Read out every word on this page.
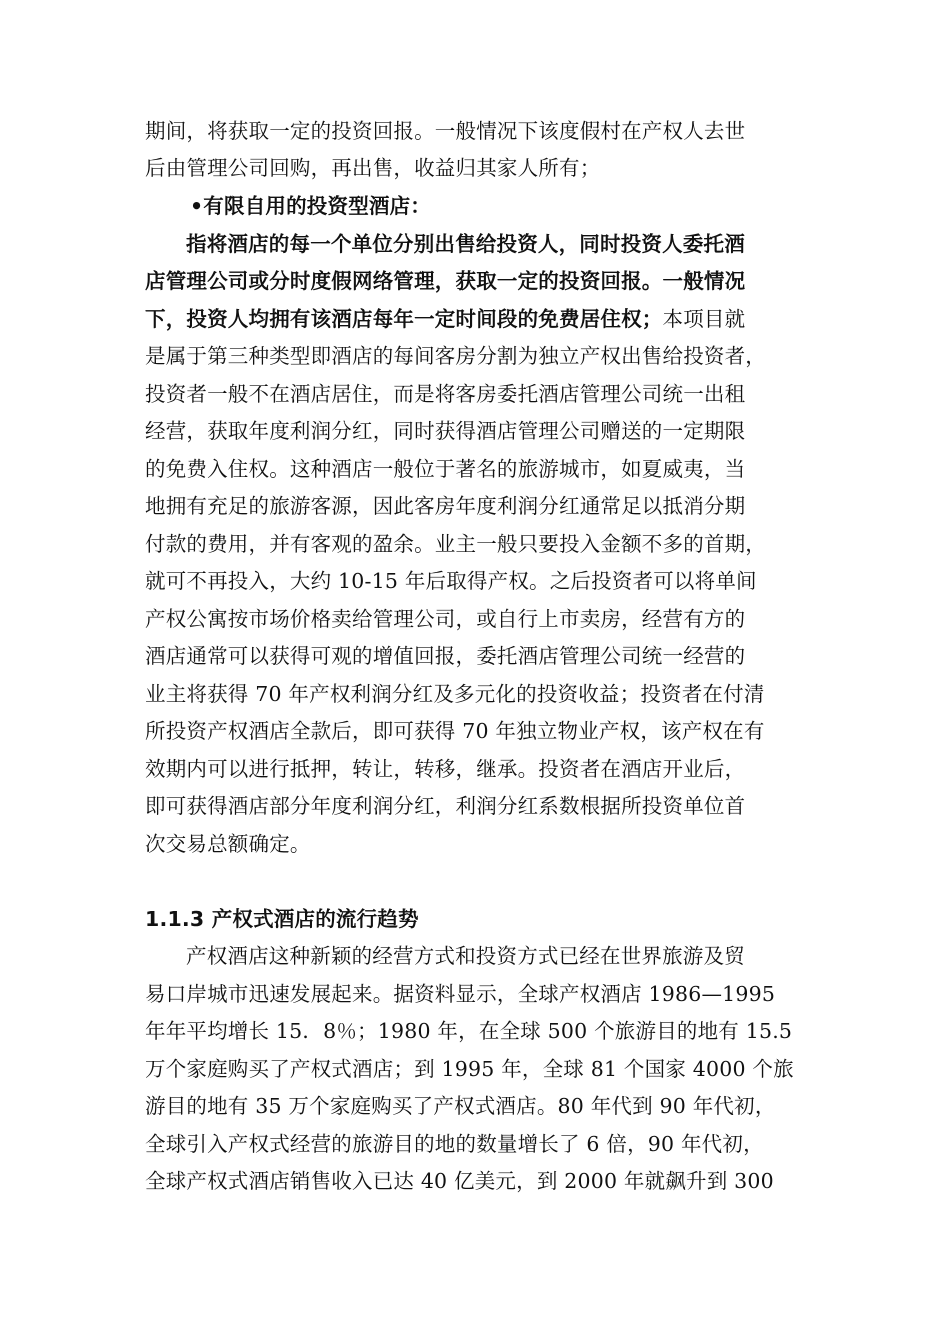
期间，将获取一定的投资回报。一般情况下该度假村在产权人去世
后由管理公司回购，再出售，收益归其家人所有；
•有限自用的投资型酒店：
指将酒店的每一个单位分别出售给投资人，同时投资人委托酒
店管理公司或分时度假网络管理，获取一定的投资回报。一般情况
下，投资人均拥有该酒店每年一定时间段的免费居住权；本项目就
是属于第三种类型即酒店的每间客房分割为独立产权出售给投资者，
投资者一般不在酒店居住，而是将客房委托酒店管理公司统一出租
经营，获取年度利润分红，同时获得酒店管理公司赠送的一定期限
的免费入住权。这种酒店一般位于著名的旅游城市，如夏威夷，当
地拥有充足的旅游客源，因此客房年度利润分红通常足以抵消分期
付款的费用，并有客观的盈余。业主一般只要投入金额不多的首期，
就可不再投入，大约 10-15 年后取得产权。之后投资者可以将单间
产权公寓按市场价格卖给管理公司，或自行上市卖房，经营有方的
酒店通常可以获得可观的增值回报，委托酒店管理公司统一经营的
业主将获得 70 年产权利润分红及多元化的投资收益；投资者在付清
所投资产权酒店全款后，即可获得 70 年独立物业产权，该产权在有
效期内可以进行抵押，转让，转移，继承。投资者在酒店开业后，
即可获得酒店部分年度利润分红，利润分红系数根据所投资单位首
次交易总额确定。
1.1.3 产权式酒店的流行趋势
产权酒店这种新颖的经营方式和投资方式已经在世界旅游及贸
易口岸城市迅速发展起来。据资料显示，全球产权酒店 1986—1995
年年平均增长 15．8％；1980 年，在全球 500 个旅游目的地有 15.5
万个家庭购买了产权式酒店；到 1995 年，全球 81 个国家 4000 个旅
游目的地有 35 万个家庭购买了产权式酒店。80 年代到 90 年代初，
全球引入产权式经营的旅游目的地的数量增长了 6 倍，90 年代初，
全球产权式酒店销售收入已达 40 亿美元，到 2000 年就飙升到 300
